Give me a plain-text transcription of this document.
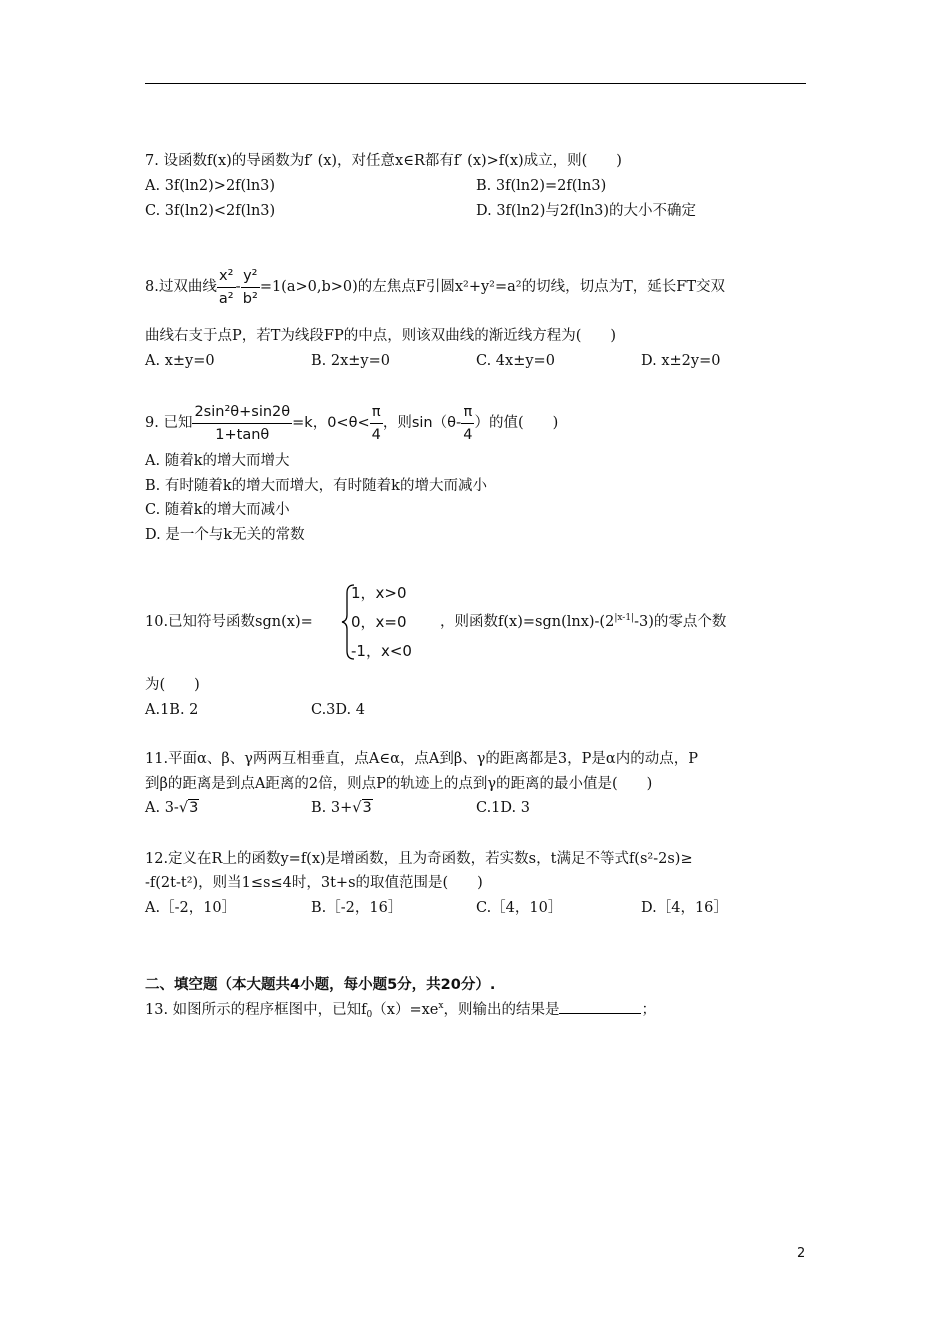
7. 设函数f(x)的导函数为f′ (x)，对任意x∈R都有f′ (x)>f(x)成立，则(　　)
A. 3f(ln2)>2f(ln3)	B. 3f(ln2)=2f(ln3)
C. 3f(ln2)<2f(ln3)	D. 3f(ln2)与2f(ln3)的大小不确定
8.过双曲线 $\frac{\text{x²}}{\text{a²}} - \frac{\text{y²}}{\text{b²}} =1(a>0,b>0)$的左焦点F引圆x²+y²=a²的切线，切点为T，延长FT交双
曲线右支于点P，若T为线段FP的中点，则该双曲线的渐近线方程为(　　)
A. x±y=0	B. 2x±y=0	C. 4x±y=0	D. x±2y=0
9. 已知 $\frac{\text{2sin²θ+sin2θ}}{1+\tan\theta} =k$，$0<\theta< \frac{\pi}{4}$ ，则$\sin(\theta- \frac{\pi}{4}$ ）的值(　　)
A. 随着k的增大而增大
B. 有时随着k的增大而增大，有时随着k的增大而减小
C. 随着k的增大而减小
D. 是一个与k无关的常数
10.已知符号函数sgn(x)=
1，x>0
0，x=0
-1，x<0
，则函数$f(x)=sgn(\ln x)-(2^{|x-1|}-3)$的零点个数
为(　　)
A.1B. 2	C.3D. 4
11.平面α、β、γ两两互相垂直，点A∈α，点A到β、γ的距离都是3，P是α内的动点，P
到β的距离是到点A距离的2倍，则点P的轨迹上的点到γ的距离的最小值是(　　)
A. 3-√3	B. 3+√3	C.1D. 3
12.定义在R上的函数y=f(x)是增函数，且为奇函数，若实数s，t满足不等式f(s²-2s)≥
-f(2t-t²)，则当1≤s≤4时，3t+s的取值范围是(　　)
A.［-2，10］	B.［-2，16］	C.［4，10］	D.［4，16］
二、填空题（本大题共4小题，每小题5分，共20分）.
13. 如图所示的程序框图中，已知$f_0(x)=xe^x$，则输出的结果是	；
2
